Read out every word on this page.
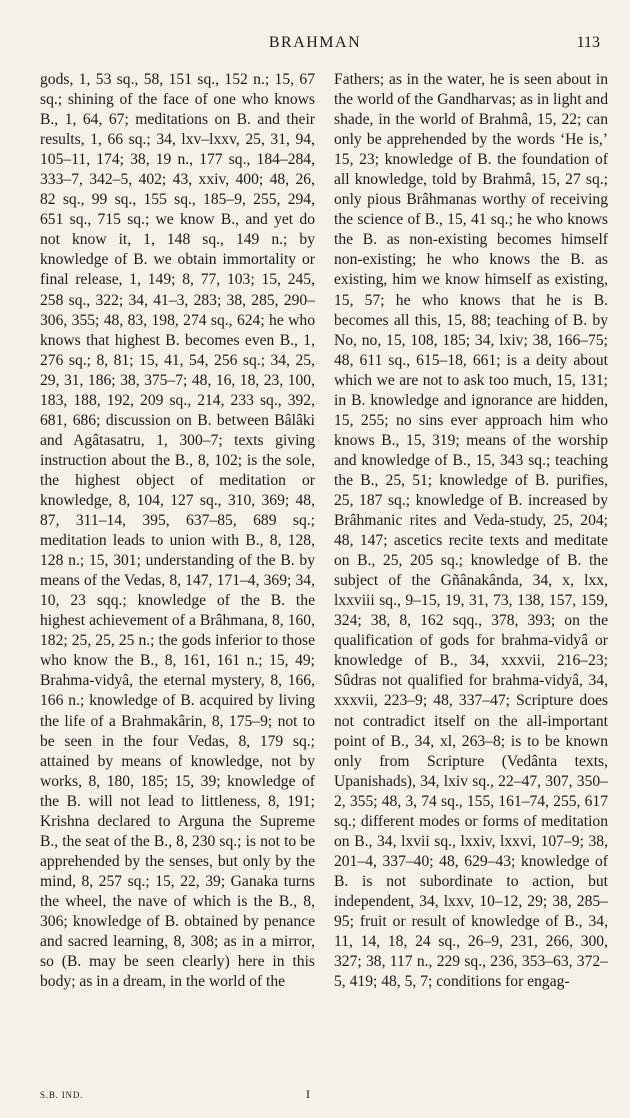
BRAHMAN	113

gods, 1, 53 sq., 58, 151 sq., 152 n.; 15, 67 sq.; shining of the face of one who knows B., 1, 64, 67; meditations on B. and their results, 1, 66 sq.; 34, lxv–lxxv, 25, 31, 94, 105–11, 174; 38, 19 n., 177 sq., 184–284, 333–7, 342–5, 402; 43, xxiv, 400; 48, 26, 82 sq., 99 sq., 155 sq., 185–9, 255, 294, 651 sq., 715 sq.; we know B., and yet do not know it, 1, 148 sq., 149 n.; by knowledge of B. we obtain immortality or final release, 1, 149; 8, 77, 103; 15, 245, 258 sq., 322; 34, 41–3, 283; 38, 285, 290–306, 355; 48, 83, 198, 274 sq., 624; he who knows that highest B. becomes even B., 1, 276 sq.; 8, 81; 15, 41, 54, 256 sq.; 34, 25, 29, 31, 186; 38, 375–7; 48, 16, 18, 23, 100, 183, 188, 192, 209 sq., 214, 233 sq., 392, 681, 686; discussion on B. between Bâlâki and Agâtasatru, 1, 300–7; texts giving instruction about the B., 8, 102; is the sole, the highest object of meditation or knowledge, 8, 104, 127 sq., 310, 369; 48, 87, 311–14, 395, 637–85, 689 sq.; meditation leads to union with B., 8, 128, 128 n.; 15, 301; understanding of the B. by means of the Vedas, 8, 147, 171–4, 369; 34, 10, 23 sqq.; knowledge of the B. the highest achievement of a Brâhmana, 8, 160, 182; 25, 25, 25 n.; the gods inferior to those who know the B., 8, 161, 161 n.; 15, 49; Brahma-vidyâ, the eternal mystery, 8, 166, 166 n.; knowledge of B. acquired by living the life of a Brahmakârin, 8, 175–9; not to be seen in the four Vedas, 8, 179 sq.; attained by means of knowledge, not by works, 8, 180, 185; 15, 39; knowledge of the B. will not lead to littleness, 8, 191; Krishna declared to Arguna the Supreme B., the seat of the B., 8, 230 sq.; is not to be apprehended by the senses, but only by the mind, 8, 257 sq.; 15, 22, 39; Ganaka turns the wheel, the nave of which is the B., 8, 306; knowledge of B. obtained by penance and sacred learning, 8, 308; as in a mirror, so (B. may be seen clearly) here in this body; as in a dream, in the world of the

Fathers; as in the water, he is seen about in the world of the Gandharvas; as in light and shade, in the world of Brahmâ, 15, 22; can only be apprehended by the words ‘He is,’ 15, 23; knowledge of B. the foundation of all knowledge, told by Brahmâ, 15, 27 sq.; only pious Brâhmanas worthy of receiving the science of B., 15, 41 sq.; he who knows the B. as non-existing becomes himself non-existing; he who knows the B. as existing, him we know himself as existing, 15, 57; he who knows that he is B. becomes all this, 15, 88; teaching of B. by No, no, 15, 108, 185; 34, lxiv; 38, 166–75; 48, 611 sq., 615–18, 661; is a deity about which we are not to ask too much, 15, 131; in B. knowledge and ignorance are hidden, 15, 255; no sins ever approach him who knows B., 15, 319; means of the worship and knowledge of B., 15, 343 sq.; teaching the B., 25, 51; knowledge of B. purifies, 25, 187 sq.; knowledge of B. increased by Brâhmanic rites and Veda-study, 25, 204; 48, 147; ascetics recite texts and meditate on B., 25, 205 sq.; knowledge of B. the subject of the Gñânakânda, 34, x, lxx, lxxviii sq., 9–15, 19, 31, 73, 138, 157, 159, 324; 38, 8, 162 sqq., 378, 393; on the qualification of gods for brahma-vidyâ or knowledge of B., 34, xxxvii, 216–23; Sûdras not qualified for brahma-vidyâ, 34, xxxvii, 223–9; 48, 337–47; Scripture does not contradict itself on the all-important point of B., 34, xl, 263–8; is to be known only from Scripture (Vedânta texts, Upanishads), 34, lxiv sq., 22–47, 307, 350–2, 355; 48, 3, 74 sq., 155, 161–74, 255, 617 sq.; different modes or forms of meditation on B., 34, lxvii sq., lxxiv, lxxvi, 107–9; 38, 201–4, 337–40; 48, 629–43; knowledge of B. is not subordinate to action, but independent, 34, lxxv, 10–12, 29; 38, 285–95; fruit or result of knowledge of B., 34, 11, 14, 18, 24 sq., 26–9, 231, 266, 300, 327; 38, 117 n., 229 sq., 236, 353–63, 372–5, 419; 48, 5, 7; conditions for engag-

S.B. IND.	I
